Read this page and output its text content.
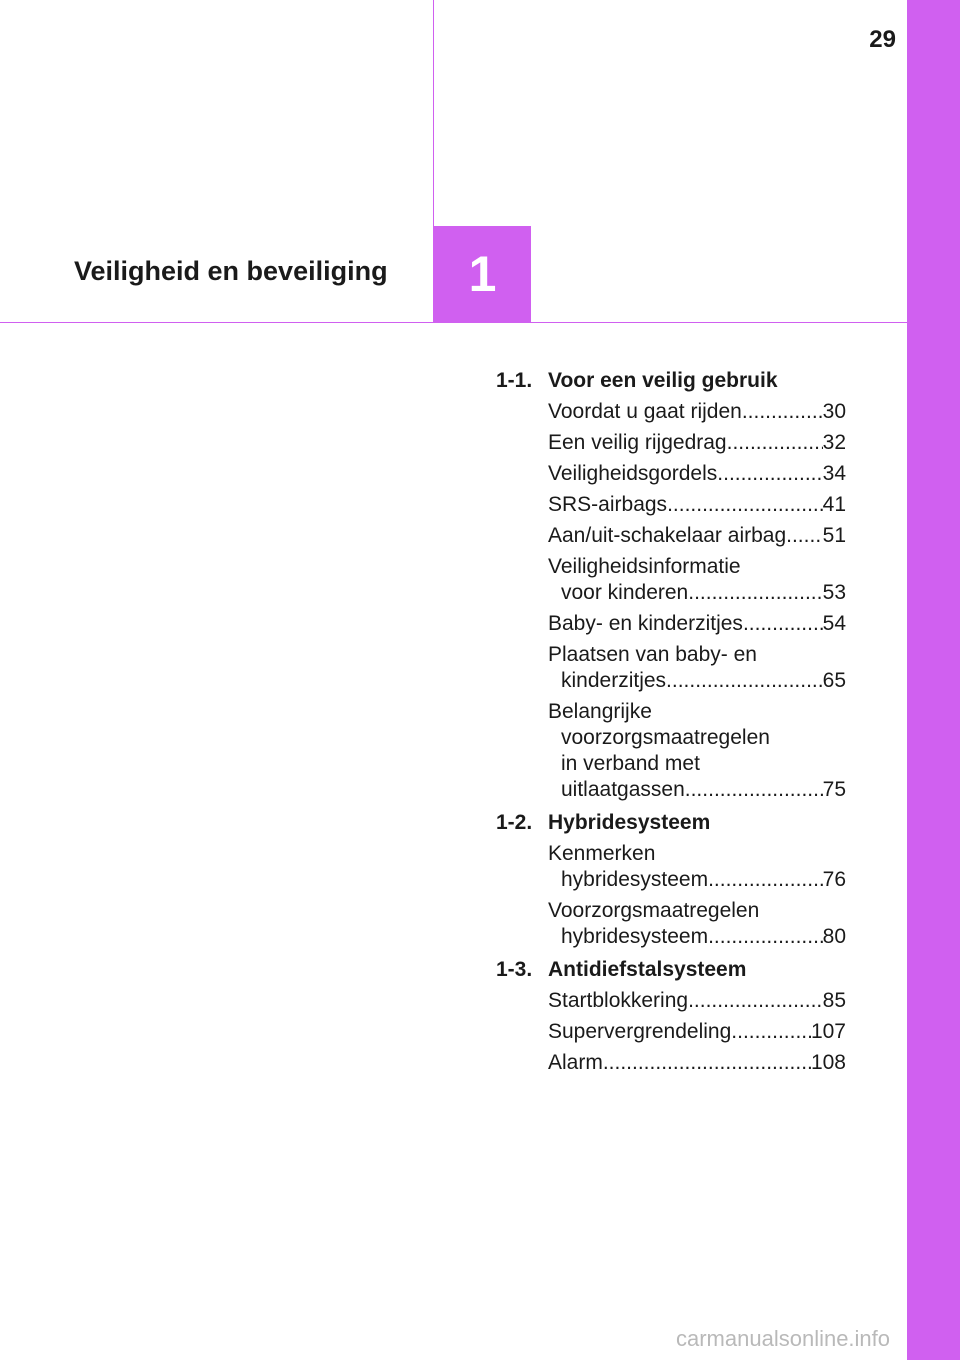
29
1
Veiligheid en beveiliging
1-1. Voor een veilig gebruik
Voordat u gaat rijden .....	30
Een veilig rijgedrag .....	32
Veiligheidsgordels .....	34
SRS-airbags .....	41
Aan/uit-schakelaar airbag ..... 51
Veiligheidsinformatie
voor kinderen .....	53
Baby- en kinderzitjes .....	54
Plaatsen van baby- en
kinderzitjes .....	65
Belangrijke
voorzorgsmaatregelen
in verband met
uitlaatgassen .....	75
1-2. Hybridesysteem
Kenmerken
hybridesysteem .....	76
Voorzorgsmaatregelen
hybridesysteem .....	80
1-3. Antidiefstalsysteem
Startblokkering .....	85
Supervergrendeling .....	107
Alarm .....	108
carmanualsonline.info
